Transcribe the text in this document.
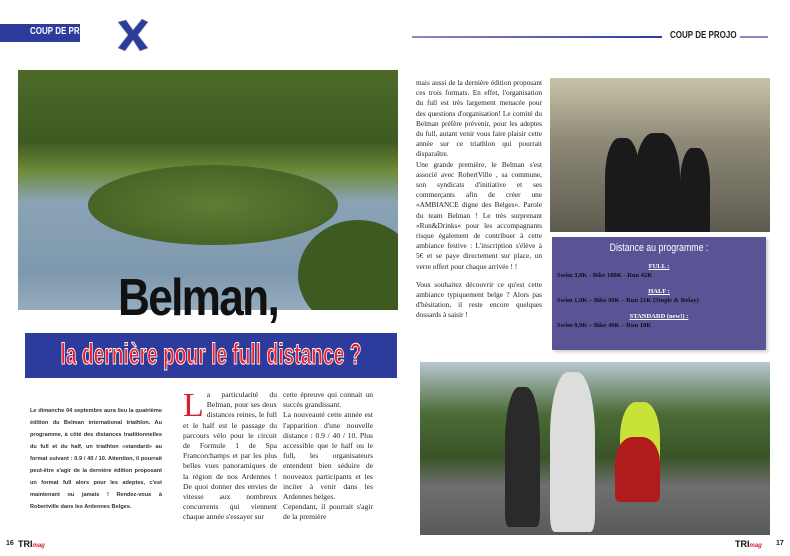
COUP DE PROJO
Belman,
la dernière pour le full distance ?

Le dimanche 04 septembre aura lieu la quatrième édition du Belman international triathlon. Au programme, à côté des distances traditionnelles du full et du half, un triathlon «standard» au format suivant : 0.9 / 40 / 10. Attention, il pourrait peut-être s'agir de la dernière édition proposant un format full alors pour les adeptes, c'est maintenant ou jamais ! Rendez-vous à Robertville dans les Ardennes Belges.

La particularité du Belman, pour ses deux distances reines, le full et le half est le passage du parcours vélo pour le circuit de Formule 1 de Spa Francorchamps et par les plus belles vues panoramiques de la région de nos Ardennes ! De quoi donner des envies de vitesse aux nombreux concurrents qui viennent chaque année s'essayer sur

cette épreuve qui connait un succès grandissant.

La nouveauté cette année est l'apparition d'une nouvelle distance : 0.9 / 40 / 10. Plus accessible que le half ou le full, les organisateurs entendent bien séduire de nouveaux participants et les inciter à venir dans les Ardennes belges.

Cependant, il pourrait s'agir de la première

COUP DE PROJO
Distance au programme :
FULL :
Swim 3,8K - Bike 180K - Run 42K
HALF :
Swim 1,9K – Bike 90K – Run 21K (Single & Relay)
STANDARD (new!) :
Swim 0,9K – Bike 40K – Run 10K

mais aussi de la dernière édition proposant ces trois formats. En effet, l'organisation du full est très largement menacée pour des questions d'organisation! Le comité du Belman préfère prévenir, pour les adeptes du full, autant venir vous faire plaisir cette année sur ce triathlon qui pourrait disparaître.

Une grande première, le Belman s'est associé avec RobertVille , sa commune, son syndicats d'initiative et ses commerçants afin de créer une «AMBIANCE digne des Belges». Parole du team Belman ! Le très surprenant «Run&Drinks» pour les accompagnants risque également de contribuer à cette ambiance festive : L'inscription s'élève à 5€ et se paye directement sur place, un verre offert pour chaque arrivée ! !

Vous souhaitez découvrir ce qu'est cette ambiance typiquement belge ? Alors pas d'hésitation, il reste encore quelques dossards à saisir !

16 TRImag	TRImag 17
